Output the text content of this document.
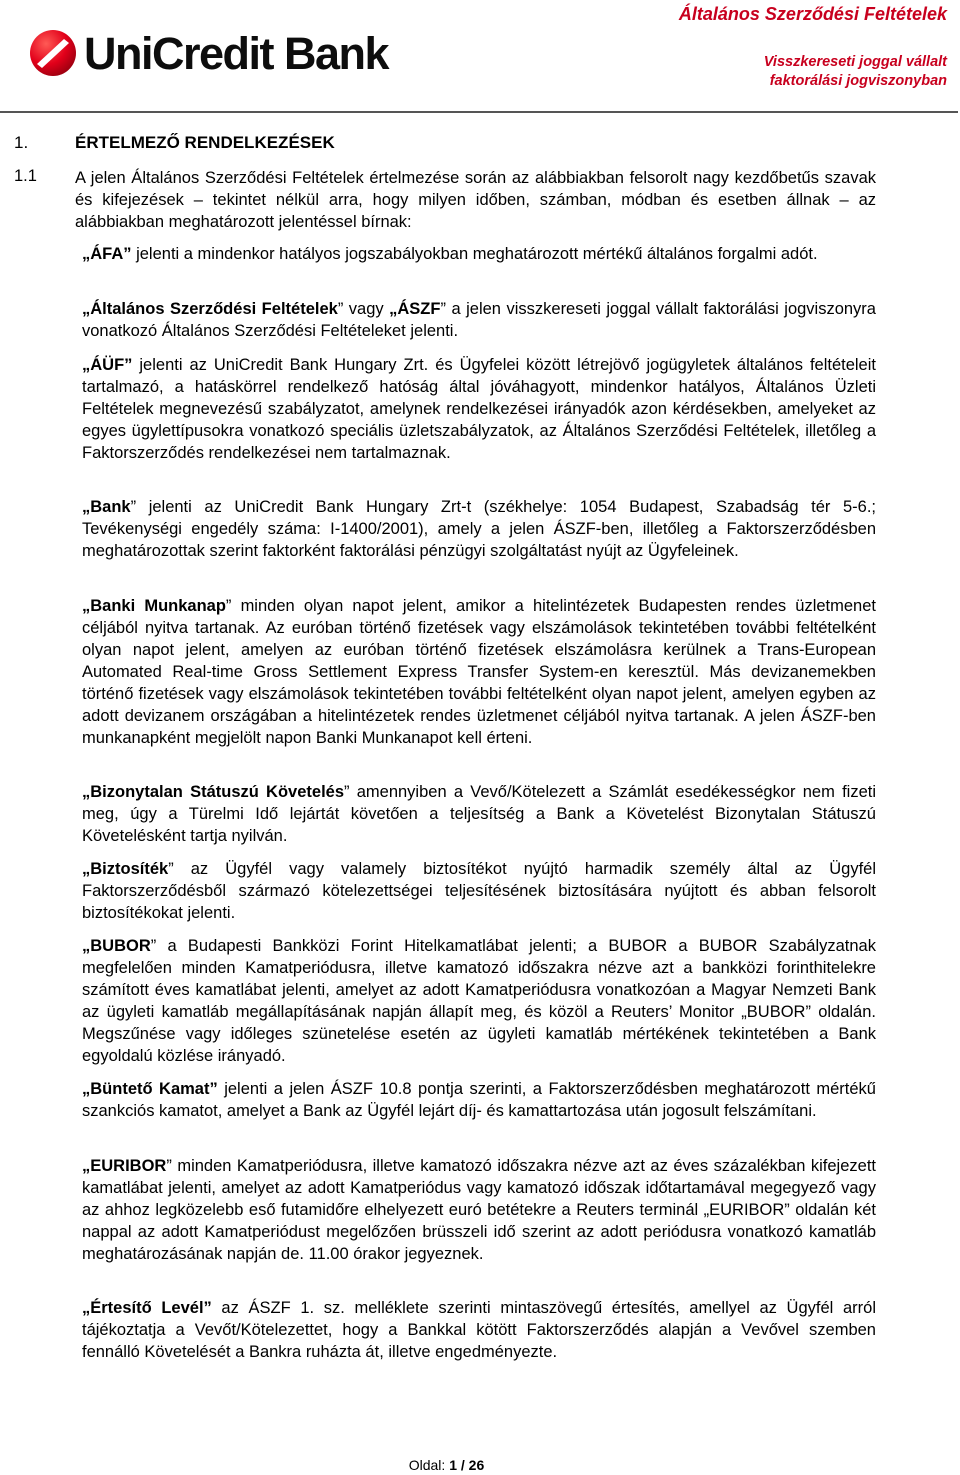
UniCredit Bank
Általános Szerződési Feltételek
Visszkereseti joggal vállalt
faktorálási jogviszonyban
1.	ÉRTELMEZŐ RENDELKEZÉSEK
1.1 A jelen Általános Szerződési Feltételek értelmezése során az alábbiakban felsorolt nagy kezdőbetűs szavak és kifejezések – tekintet nélkül arra, hogy milyen időben, számban, módban és esetben állnak – az alábbiakban meghatározott jelentéssel bírnak:
„ÁFA” jelenti a mindenkor hatályos jogszabályokban meghatározott mértékű általános forgalmi adót.
„Általános Szerződési Feltételek” vagy „ÁSZF” a jelen visszkereseti joggal vállalt faktorálási jogviszonyra vonatkozó Általános Szerződési Feltételeket jelenti.
„ÁÜF” jelenti az UniCredit Bank Hungary Zrt. és Ügyfelei között létrejövő jogügyletek általános feltételeit tartalmazó, a hatáskörrel rendelkező hatóság által jóváhagyott, mindenkor hatályos, Általános Üzleti Feltételek megnevezésű szabályzatot, amelynek rendelkezései irányadók azon kérdésekben, amelyeket az egyes ügylettípusokra vonatkozó speciális üzletszabályzatok, az Általános Szerződési Feltételek, illetőleg a Faktorszerződés rendelkezései nem tartalmaznak.
„Bank” jelenti az UniCredit Bank Hungary Zrt-t (székhelye: 1054 Budapest, Szabadság tér 5-6.; Tevékenységi engedély száma: I-1400/2001), amely a jelen ÁSZF-ben, illetőleg a Faktorszerződésben meghatározottak szerint faktorként faktorálási pénzügyi szolgáltatást nyújt az Ügyfeleinek.
„Banki Munkanap” minden olyan napot jelent, amikor a hitelintézetek Budapesten rendes üzletmenet céljából nyitva tartanak. Az euróban történő fizetések vagy elszámolások tekintetében további feltételként olyan napot jelent, amelyen az euróban történő fizetések elszámolásra kerülnek a Trans-European Automated Real-time Gross Settlement Express Transfer System-en keresztül. Más devizanemekben történő fizetések vagy elszámolások tekintetében további feltételként olyan napot jelent, amelyen egyben az adott devizanem országában a hitelintézetek rendes üzletmenet céljából nyitva tartanak. A jelen ÁSZF-ben munkanapként megjelölt napon Banki Munkanapot kell érteni.
„Bizonytalan Státuszú Követelés” amennyiben a Vevő/Kötelezett a Számlát esedékességkor nem fizeti meg, úgy a Türelmi Idő lejártát követően a teljesítség a Bank a Követelést Bizonytalan Státuszú Követelésként tartja nyilván.
„Biztosíték” az Ügyfél vagy valamely biztosítékot nyújtó harmadik személy által az Ügyfél Faktorszerződésből származó kötelezettségei teljesítésének biztosítására nyújtott és abban felsorolt biztosítékokat jelenti.
„BUBOR” a Budapesti Bankközi Forint Hitelkamatlábat jelenti; a BUBOR a BUBOR Szabályzatnak megfelelően minden Kamatperiódusra, illetve kamatozó időszakra nézve azt a bankközi forinthitelekre számított éves kamatlábat jelenti, amelyet az adott Kamatperiódusra vonatkozóan a Magyar Nemzeti Bank az ügyleti kamatláb megállapításának napján állapít meg, és közöl a Reuters’ Monitor „BUBOR” oldalán. Megszűnése vagy időleges szünetelése esetén az ügyleti kamatláb mértékének tekintetében a Bank egyoldalú közlése irányadó.
„Büntető Kamat” jelenti a jelen ÁSZF 10.8 pontja szerinti, a Faktorszerződésben meghatározott mértékű szankciós kamatot, amelyet a Bank az Ügyfél lejárt díj- és kamattartozása után jogosult felszámítani.
„EURIBOR” minden Kamatperiódusra, illetve kamatozó időszakra nézve azt az éves százalékban kifejezett kamatlábat jelenti, amelyet az adott Kamatperiódus vagy kamatozó időszak időtartamával megegyező vagy az ahhoz legközelebb eső futamidőre elhelyezett euró betétekre a Reuters terminál „EURIBOR” oldalán két nappal az adott Kamatperiódust megelőzően brüsszeli idő szerint az adott periódusra vonatkozó kamatláb meghatározásának napján de. 11.00 órakor jegyeznek.
„Értesítő Levél” az ÁSZF 1. sz. melléklete szerinti mintaszövegű értesítés, amellyel az Ügyfél arról tájékoztatja a Vevőt/Kötelezettet, hogy a Bankkal kötött Faktorszerződés alapján a Vevővel szemben fennálló Követelését a Bankra ruházta át, illetve engedményezte.
Oldal: 1 / 26
